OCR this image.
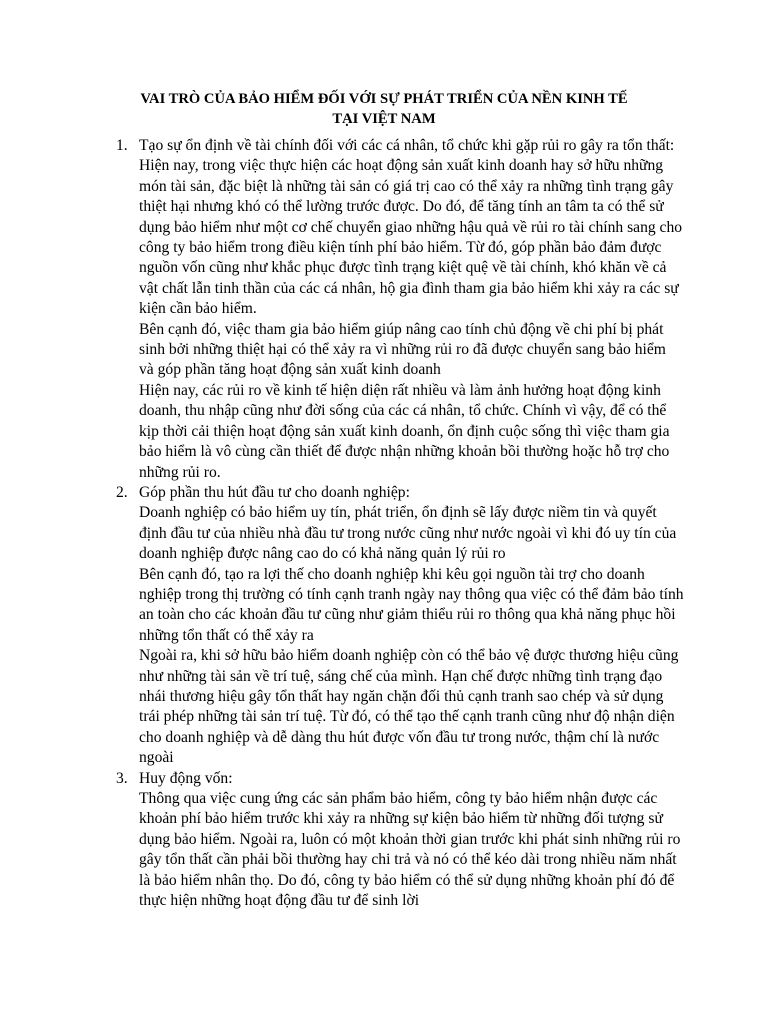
VAI TRÒ CỦA BẢO HIỂM ĐỐI VỚI SỰ PHÁT TRIỂN CỦA NỀN KINH TẾ
TẠI VIỆT NAM
1. Tạo sự ổn định về tài chính đối với các cá nhân, tổ chức khi gặp rủi ro gây ra tổn thất:

Hiện nay, trong việc thực hiện các hoạt động sản xuất kinh doanh hay sở hữu những món tài sản, đặc biệt là những tài sản có giá trị cao có thể xảy ra những tình trạng gây thiệt hại nhưng khó có thể lường trước được. Do đó, để tăng tính an tâm ta có thể sử dụng bảo hiểm như một cơ chế chuyển giao những hậu quả về rủi ro tài chính sang cho công ty bảo hiểm trong điều kiện tính phí bảo hiểm. Từ đó, góp phần bảo đảm được nguồn vốn cũng như khắc phục được tình trạng kiệt quệ về tài chính, khó khăn về cả vật chất lẫn tinh thần của các cá nhân, hộ gia đình tham gia bảo hiểm khi xảy ra các sự kiện cần bảo hiểm.

Bên cạnh đó, việc tham gia bảo hiểm giúp nâng cao tính chủ động về chi phí bị phát sinh bởi những thiệt hại có thể xảy ra vì những rủi ro đã được chuyển sang bảo hiểm và góp phần tăng hoạt động sản xuất kinh doanh

Hiện nay, các rủi ro về kinh tế hiện diện rất nhiều và làm ảnh hưởng hoạt động kinh doanh, thu nhập cũng như đời sống của các cá nhân, tổ chức. Chính vì vậy, để có thể kịp thời cải thiện hoạt động sản xuất kinh doanh, ổn định cuộc sống thì việc tham gia bảo hiểm là vô cùng cần thiết để được nhận những khoản bồi thường hoặc hỗ trợ cho những rủi ro.

2. Góp phần thu hút đầu tư cho doanh nghiệp:

Doanh nghiệp có bảo hiểm uy tín, phát triển, ổn định sẽ lấy được niềm tin và quyết định đầu tư của nhiều nhà đầu tư trong nước cũng như nước ngoài vì khi đó uy tín của doanh nghiệp được nâng cao do có khả năng quản lý rủi ro

Bên cạnh đó, tạo ra lợi thế cho doanh nghiệp khi kêu gọi nguồn tài trợ cho doanh nghiệp trong thị trường có tính cạnh tranh ngày nay thông qua việc có thể đảm bảo tính an toàn cho các khoản đầu tư cũng như giảm thiểu rủi ro thông qua khả năng phục hồi những tổn thất có thể xảy ra

Ngoài ra, khi sở hữu bảo hiểm doanh nghiệp còn có thể bảo vệ được thương hiệu cũng như những tài sản về trí tuệ, sáng chế của mình. Hạn chế được những tình trạng đạo nhái thương hiệu gây tổn thất hay ngăn chặn đối thủ cạnh tranh sao chép và sử dụng trái phép những tài sản trí tuệ. Từ đó, có thể tạo thế cạnh tranh cũng như độ nhận diện cho doanh nghiệp và dễ dàng thu hút được vốn đầu tư trong nước, thậm chí là nước ngoài

3. Huy động vốn:

Thông qua việc cung ứng các sản phẩm bảo hiểm, công ty bảo hiểm nhận được các khoản phí bảo hiểm trước khi xảy ra những sự kiện bảo hiểm từ những đối tượng sử dụng bảo hiểm. Ngoài ra, luôn có một khoản thời gian trước khi phát sinh những rủi ro gây tổn thất cần phải bồi thường hay chi trả và nó có thể kéo dài trong nhiều năm nhất là bảo hiểm nhân thọ. Do đó, công ty bảo hiểm có thể sử dụng những khoản phí đó để thực hiện những hoạt động đầu tư để sinh lời
